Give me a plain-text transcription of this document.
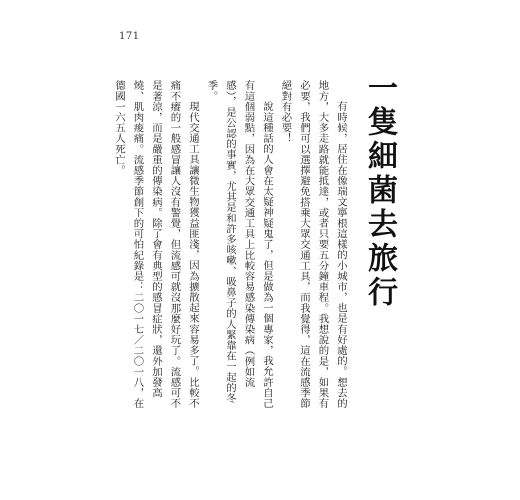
171
一隻細菌去旅行

有時候，居住在像瑞文寧根這樣的小城市，也是有好處的。想去的地方，大多走路就能抵達，或者只要五分鐘車程。我想說的是，如果有必要，我們可以選擇避免搭乘大眾交通工具，而我覺得，這在流感季節絕對有必要！

說這種話的人會在太疑神疑鬼了，但是做為一個專家，我允許自己有這個弱點，因為在大眾交通工具上比較容易感染傳染病（例如流感），是公認的事實，尤其是和許多咳嗽、吸鼻子的人緊靠在一起的冬季。

現代交通工具讓微生物獲益匪淺，因為擴散起來容易多了。比較不痛不癢的一般感冒讓人沒有警覺，但流感可就沒那麼好玩了。流感可不是著涼，而是嚴重的傳染病。除了會有典型的感冒症狀，還外加發高燒、肌肉痠痛。流感季節創下的可怕紀錄是：二〇一七／二〇一八，在德國一六五人死亡。
